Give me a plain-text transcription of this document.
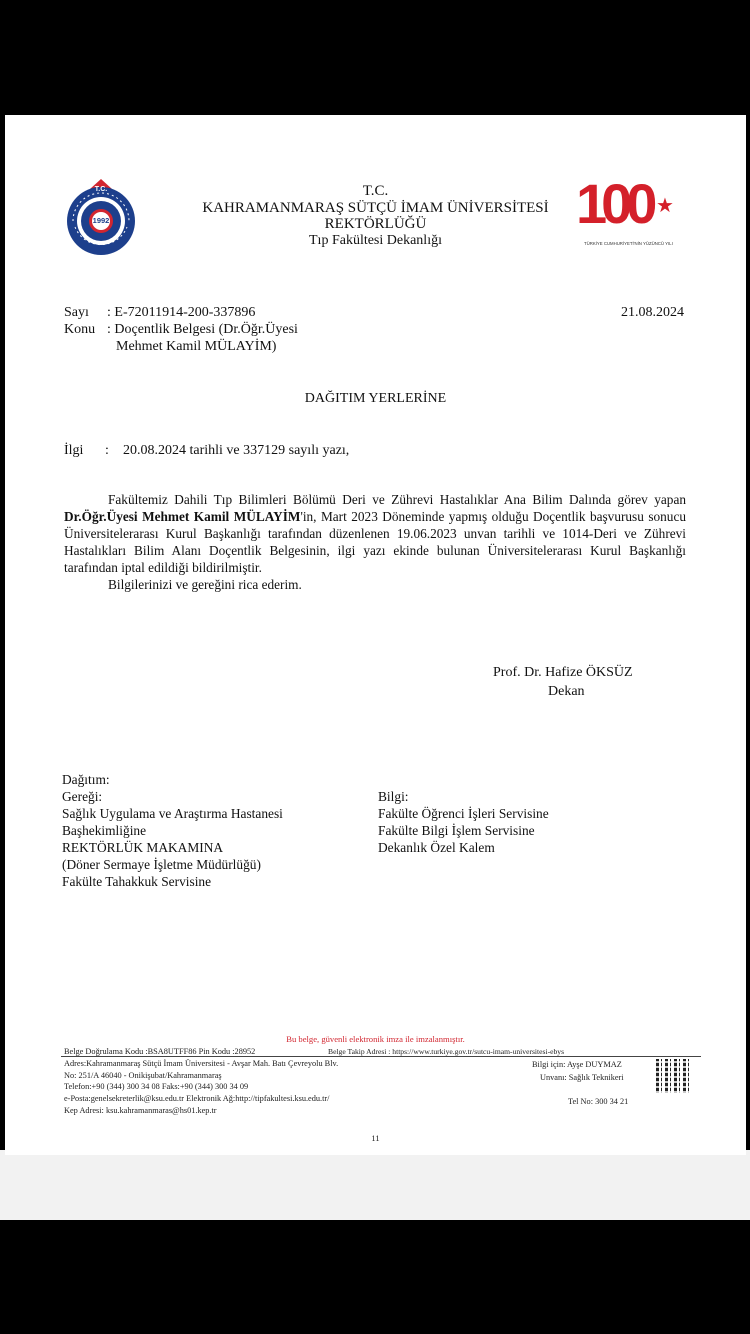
T.C.
1992
T.C.
KAHRAMANMARAŞ SÜTÇÜ İMAM ÜNİVERSİTESİ
REKTÖRLÜĞÜ
Tıp Fakültesi Dekanlığı
100 ★
TÜRKİYE CUMHURİYETİ'NİN YÜZÜNCÜ YILI
Sayı : E-72011914-200-337896	21.08.2024
Konu : Doçentlik Belgesi (Dr.Öğr.Üyesi
Mehmet Kamil MÜLAYİM)
DAĞITIM YERLERİNE
İlgi : 20.08.2024 tarihli ve 337129 sayılı yazı,

Fakültemiz Dahili Tıp Bilimleri Bölümü Deri ve Zührevi Hastalıklar Ana Bilim Dalında görev yapan Dr.Öğr.Üyesi Mehmet Kamil MÜLAYİM'in, Mart 2023 Döneminde yapmış olduğu Doçentlik başvurusu sonucu Üniversitelerarası Kurul Başkanlığı tarafından düzenlenen 19.06.2023 unvan tarihli ve 1014-Deri ve Zührevi Hastalıkları Bilim Alanı Doçentlik Belgesinin, ilgi yazı ekinde bulunan Üniversitelerarası Kurul Başkanlığı tarafından iptal edildiği bildirilmiştir.

Bilgilerinizi ve gereğini rica ederim.

Prof. Dr. Hafize ÖKSÜZ
Dekan
Dağıtım:
Gereği:
Sağlık Uygulama ve Araştırma Hastanesi
Başhekimliğine
REKTÖRLÜK MAKAMINA
(Döner Sermaye İşletme Müdürlüğü)
Fakülte Tahakkuk Servisine
Bilgi:
Fakülte Öğrenci İşleri Servisine
Fakülte Bilgi İşlem Servisine
Dekanlık Özel Kalem
Bu belge, güvenli elektronik imza ile imzalanmıştır.
Belge Doğrulama Kodu :BSA8UTFF86 Pin Kodu :28952	Belge Takip Adresi : https://www.turkiye.gov.tr/sutcu-imam-universitesi-ebys
Adres:Kahramanmaraş Sütçü İmam Üniversitesi - Avşar Mah. Batı Çevreyolu Blv.
No: 251/A 46040 - Onikişubat/Kahramanmaraş
Telefon:+90 (344) 300 34 08 Faks:+90 (344) 300 34 09
e-Posta:genelsekreterlik@ksu.edu.tr Elektronik Ağ:http://tipfakultesi.ksu.edu.tr/
Kep Adresi: ksu.kahramanmaras@hs01.kep.tr
Bilgi için: Ayşe DUYMAZ
Unvanı: Sağlık Teknikeri
Tel No: 300 34 21
11
